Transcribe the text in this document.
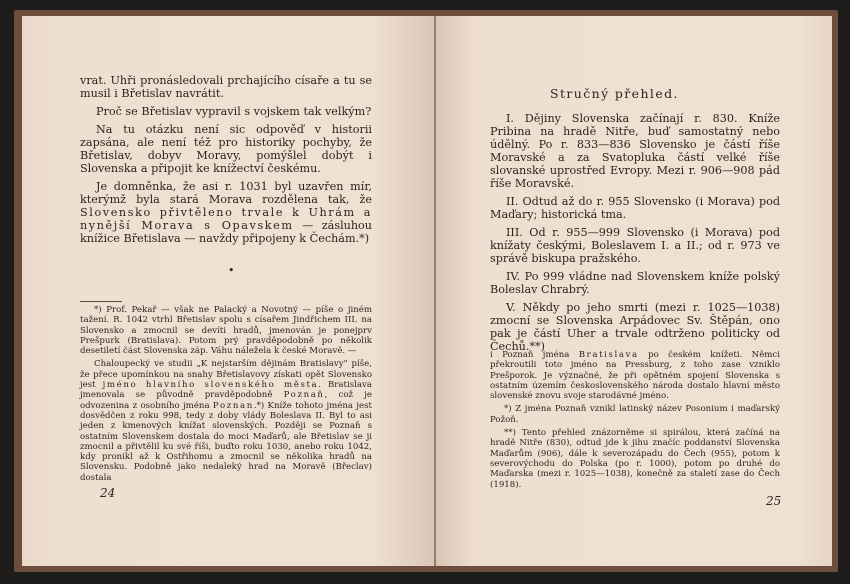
vrat. Uhři pronásledovali prchajícího císaře a tu se musil i Břetislav navrátit.

Proč se Břetislav vypravil s vojskem tak velkým?

Na tu otázku není sic odpověď v historii zapsána, ale není též pro historiky pochyby, že Břetislav, dobyv Moravy, pomýšlel dobýt i Slovenska a připojit ke knížectví českému.

Je domněnka, že asi r. 1031 byl uzavřen mír, kterýmž byla stará Morava rozdělena tak, že Slovensko přivtěleno trvale k Uhrám a nynější Morava s Opavskem — zásluhou knížice Břetislava — navždy připojeny k Čechám.*)

•

*) Prof. Pekař — však ne Palacký a Novotný — píše o jiném tažení. R. 1042 vtrhl Břetislav spolu s císařem Jindřichem III. na Slovensko a zmocnil se devíti hradů, jmenován je ponejprv Prešpurk (Bratislava). Potom prý pravděpodobně po několik desetiletí část Slovenska záp. Váhu náležela k české Moravě. —

Chaloupecký ve studii „K nejstarším dějinám Bratislavy" píše, že přece upomínkou na snahy Břetislavovy získati opět Slovensko jest jméno hlavního slovenského města. Bratislava jmenovala se původně pravděpodobně Poznaň, což je odvozenina z osobního jména Poznan.*) Kníže tohoto jména jest dosvědčen z roku 998, tedy z doby vlády Boleslava II. Byl to asi jeden z kmenových knížat slovenských. Později se Poznaň s ostatním Slovenskem dostala do moci Maďarů, ale Břetislav se ji zmocnil a přivtělil ku své říši, buďto roku 1030, anebo roku 1042, kdy pronikl až k Ostřihomu a zmocnil se několika hradů na Slovensku. Podobně jako nedaleký hrad na Moravě (Břeclav) dostala

24
Stručný přehled.

I. Dějiny Slovenska začínají r. 830. Kníže Pribina na hradě Nitře, buď samostatný nebo údělný. Po r. 833—836 Slovensko je částí říše Moravské a za Svatopluka částí velké říše slovanské uprostřed Evropy. Mezi r. 906—908 pád říše Moravské.

II. Odtud až do r. 955 Slovensko (i Morava) pod Maďary; historická tma.

III. Od r. 955—999 Slovensko (i Morava) pod knížaty českými, Boleslavem I. a II.; od r. 973 ve správě biskupa pražského.

IV. Po 999 vládne nad Slovenskem kníže polský Boleslav Chrabrý.

V. Někdy po jeho smrti (mezi r. 1025—1038) zmocní se Slovenska Arpádovec Sv. Štěpán, ono pak je částí Uher a trvale odtrženo politicky od Čechů.**)

i Poznaň jména Bratislava po českém knížeti. Němci překroutili toto jméno na Pressburg, z toho zase vzniklo Prešporok. Je význačné, že při opětném spojení Slovenska s ostatním územím československého národa dostalo hlavní město slovenské znovu svoje starodávné jméno.

*) Z jména Poznaň vznikl latinský název Posonium i maďarský Požoň.

**) Tento přehled znázorněme si spirálou, která začíná na hradě Nitře (830), odtud jde k jihu značíc poddanství Slovenska Maďarům (906), dále k severozápadu do Čech (955), potom k severovýchodu do Polska (po r. 1000), potom po druhé do Maďarska (mezi r. 1025—1038), konečně za staletí zase do Čech (1918).

25
